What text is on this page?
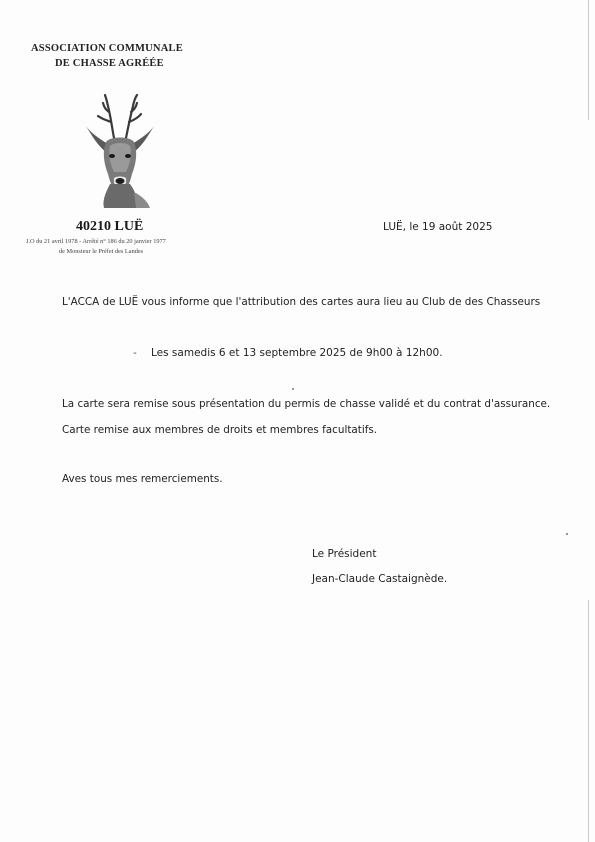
ASSOCIATION COMMUNALE
DE CHASSE AGRÉÉE
40210 LUË
J.O du 21 avril 1978 - Arrêté n° 186 du 20 janvier 1977
de Monsieur le Préfet des Landes
LUË, le 19 août 2025
L'ACCA de LUË vous informe que l'attribution des cartes aura lieu au Club de des Chasseurs
- Les samedis 6 et 13 septembre 2025 de 9h00 à 12h00.
La carte sera remise sous présentation du permis de chasse validé et du contrat d'assurance.
Carte remise aux membres de droits et membres facultatifs.
Aves tous mes remerciements.
Le Président
Jean-Claude Castaignède.
